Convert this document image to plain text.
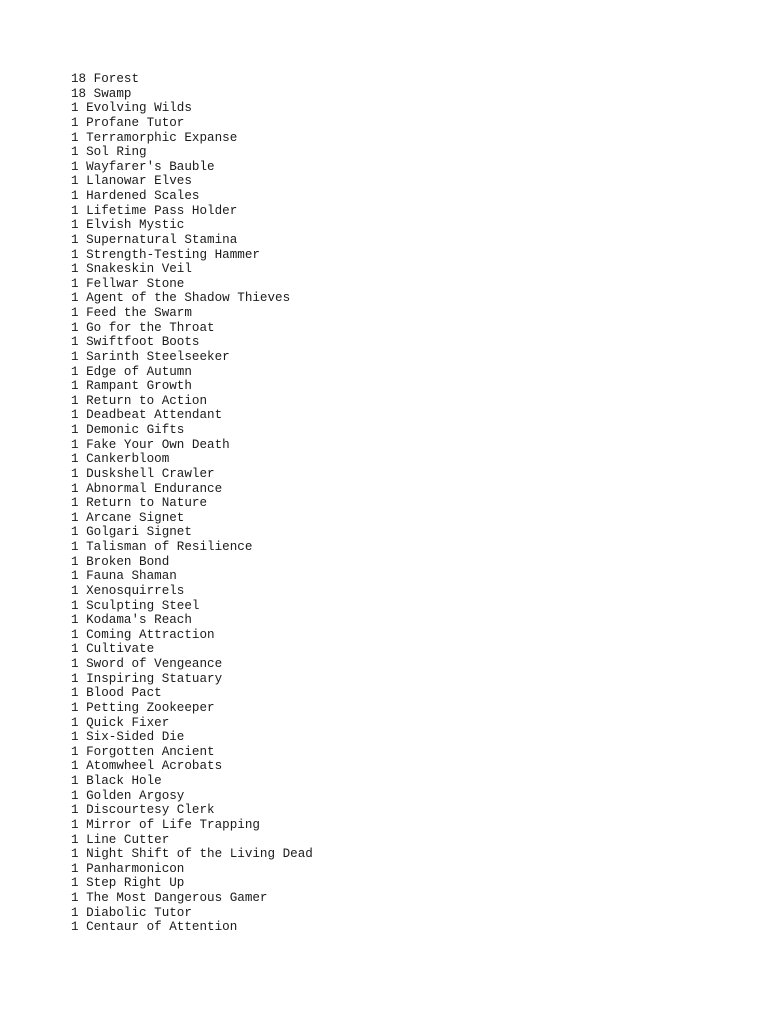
18 Forest
18 Swamp
1 Evolving Wilds
1 Profane Tutor
1 Terramorphic Expanse
1 Sol Ring
1 Wayfarer's Bauble
1 Llanowar Elves
1 Hardened Scales
1 Lifetime Pass Holder
1 Elvish Mystic
1 Supernatural Stamina
1 Strength-Testing Hammer
1 Snakeskin Veil
1 Fellwar Stone
1 Agent of the Shadow Thieves
1 Feed the Swarm
1 Go for the Throat
1 Swiftfoot Boots
1 Sarinth Steelseeker
1 Edge of Autumn
1 Rampant Growth
1 Return to Action
1 Deadbeat Attendant
1 Demonic Gifts
1 Fake Your Own Death
1 Cankerbloom
1 Duskshell Crawler
1 Abnormal Endurance
1 Return to Nature
1 Arcane Signet
1 Golgari Signet
1 Talisman of Resilience
1 Broken Bond
1 Fauna Shaman
1 Xenosquirrels
1 Sculpting Steel
1 Kodama's Reach
1 Coming Attraction
1 Cultivate
1 Sword of Vengeance
1 Inspiring Statuary
1 Blood Pact
1 Petting Zookeeper
1 Quick Fixer
1 Six-Sided Die
1 Forgotten Ancient
1 Atomwheel Acrobats
1 Black Hole
1 Golden Argosy
1 Discourtesy Clerk
1 Mirror of Life Trapping
1 Line Cutter
1 Night Shift of the Living Dead
1 Panharmonicon
1 Step Right Up
1 The Most Dangerous Gamer
1 Diabolic Tutor
1 Centaur of Attention
